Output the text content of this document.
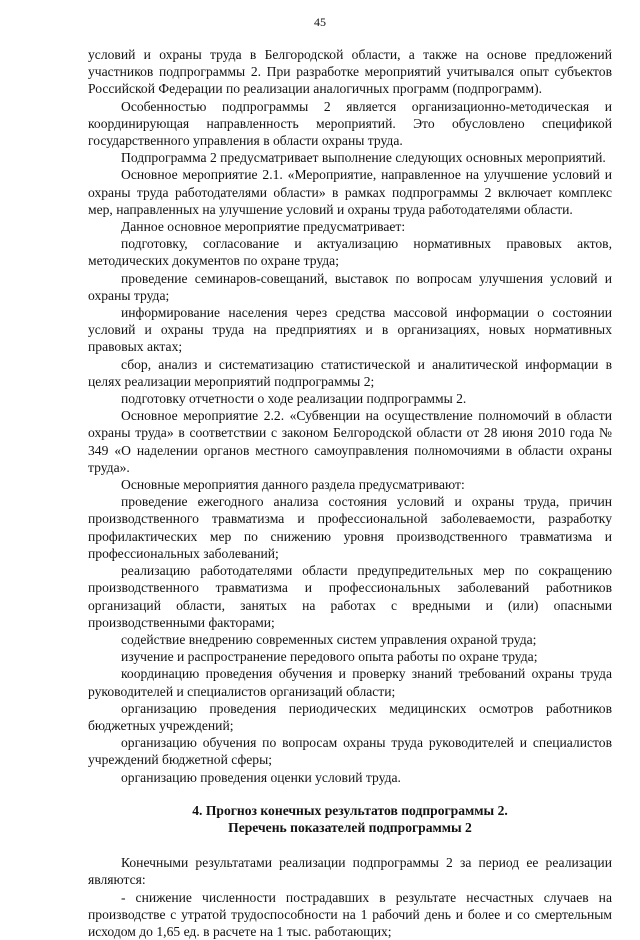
45

условий и охраны труда в Белгородской области, а также на основе предложений участников подпрограммы 2. При разработке мероприятий учитывался опыт субъектов Российской Федерации по реализации аналогичных программ (подпрограмм).

Особенностью подпрограммы 2 является организационно-методическая и координирующая направленность мероприятий. Это обусловлено спецификой государственного управления в области охраны труда.

Подпрограмма 2 предусматривает выполнение следующих основных мероприятий.

Основное мероприятие 2.1. «Мероприятие, направленное на улучшение условий и охраны труда работодателями области» в рамках подпрограммы 2 включает комплекс мер, направленных на улучшение условий и охраны труда работодателями области.

Данное основное мероприятие предусматривает:

подготовку, согласование и актуализацию нормативных правовых актов, методических документов по охране труда;

проведение семинаров-совещаний, выставок по вопросам улучшения условий и охраны труда;

информирование населения через средства массовой информации о состоянии условий и охраны труда на предприятиях и в организациях, новых нормативных правовых актах;

сбор, анализ и систематизацию статистической и аналитической информации в целях реализации мероприятий подпрограммы 2;

подготовку отчетности о ходе реализации подпрограммы 2.

Основное мероприятие 2.2. «Субвенции на осуществление полномочий в области охраны труда» в соответствии с законом Белгородской области от 28 июня 2010 года № 349 «О наделении органов местного самоуправления полномочиями в области охраны труда».

Основные мероприятия данного раздела предусматривают:

проведение ежегодного анализа состояния условий и охраны труда, причин производственного травматизма и профессиональной заболеваемости, разработку профилактических мер по снижению уровня производственного травматизма и профессиональных заболеваний;

реализацию работодателями области предупредительных мер по сокращению производственного травматизма и профессиональных заболеваний работников организаций области, занятых на работах с вредными и (или) опасными производственными факторами;

содействие внедрению современных систем управления охраной труда;

изучение и распространение передового опыта работы по охране труда;

координацию проведения обучения и проверку знаний требований охраны труда руководителей и специалистов организаций области;

организацию проведения периодических медицинских осмотров работников бюджетных учреждений;

организацию обучения по вопросам охраны труда руководителей и специалистов учреждений бюджетной сферы;

организацию проведения оценки условий труда.

4. Прогноз конечных результатов подпрограммы 2.

Перечень показателей подпрограммы 2

Конечными результатами реализации подпрограммы 2 за период ее реализации являются:

- снижение численности пострадавших в результате несчастных случаев на производстве с утратой трудоспособности на 1 рабочий день и более и со смертельным исходом до 1,65 ед. в расчете на 1 тыс. работающих;
